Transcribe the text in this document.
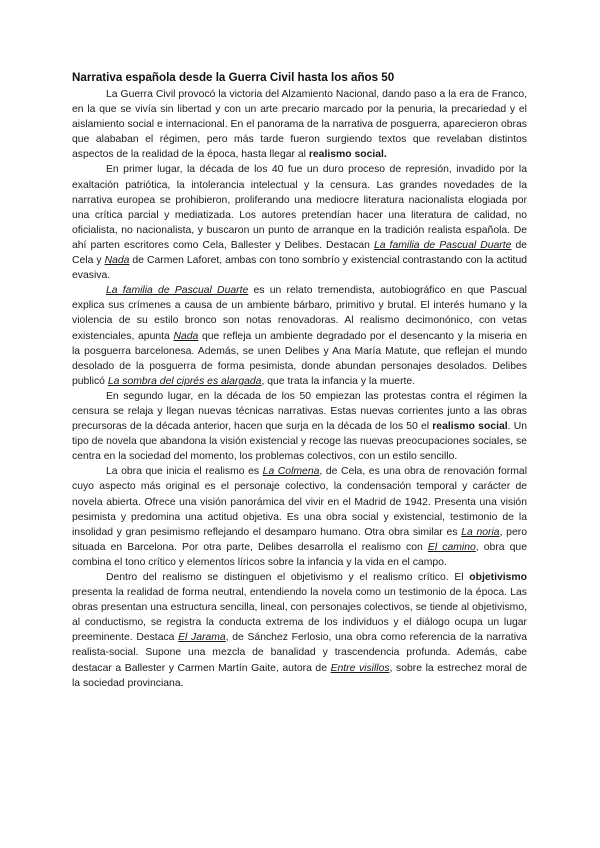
Narrativa española desde la Guerra Civil hasta los años 50

La Guerra Civil provocó la victoria del Alzamiento Nacional, dando paso a la era de Franco, en la que se vivía sin libertad y con un arte precario marcado por la penuria, la precariedad y el aislamiento social e internacional. En el panorama de la narrativa de posguerra, aparecieron obras que alababan el régimen, pero más tarde fueron surgiendo textos que revelaban distintos aspectos de la realidad de la época, hasta llegar al realismo social.

En primer lugar, la década de los 40 fue un duro proceso de represión, invadido por la exaltación patriótica, la intolerancia intelectual y la censura. Las grandes novedades de la narrativa europea se prohibieron, proliferando una mediocre literatura nacionalista elogiada por una crítica parcial y mediatizada. Los autores pretendían hacer una literatura de calidad, no oficialista, no nacionalista, y buscaron un punto de arranque en la tradición realista española. De ahí parten escritores como Cela, Ballester y Delibes. Destacan La familia de Pascual Duarte de Cela y Nada de Carmen Laforet, ambas con tono sombrío y existencial contrastando con la actitud evasiva.

La familia de Pascual Duarte es un relato tremendista, autobiográfico en que Pascual explica sus crímenes a causa de un ambiente bárbaro, primitivo y brutal. El interés humano y la violencia de su estilo bronco son notas renovadoras. Al realismo decimonónico, con vetas existenciales, apunta Nada que refleja un ambiente degradado por el desencanto y la miseria en la posguerra barcelonesa. Además, se unen Delibes y Ana María Matute, que reflejan el mundo desolado de la posguerra de forma pesimista, donde abundan personajes desolados. Delibes publicó La sombra del ciprés es alargada, que trata la infancia y la muerte.

En segundo lugar, en la década de los 50 empiezan las protestas contra el régimen la censura se relaja y llegan nuevas técnicas narrativas. Estas nuevas corrientes junto a las obras precursoras de la década anterior, hacen que surja en la década de los 50 el realismo social. Un tipo de novela que abandona la visión existencial y recoge las nuevas preocupaciones sociales, se centra en la sociedad del momento, los problemas colectivos, con un estilo sencillo.

La obra que inicia el realismo es La Colmena, de Cela, es una obra de renovación formal cuyo aspecto más original es el personaje colectivo, la condensación temporal y carácter de novela abierta. Ofrece una visión panorámica del vivir en el Madrid de 1942. Presenta una visión pesimista y predomina una actitud objetiva. Es una obra social y existencial, testimonio de la insolidad y gran pesimismo reflejando el desamparo humano. Otra obra similar es La noria, pero situada en Barcelona. Por otra parte, Delibes desarrolla el realismo con El camino, obra que combina el tono crítico y elementos líricos sobre la infancia y la vida en el campo.

Dentro del realismo se distinguen el objetivismo y el realismo crítico. El objetivismo presenta la realidad de forma neutral, entendiendo la novela como un testimonio de la época. Las obras presentan una estructura sencilla, lineal, con personajes colectivos, se tiende al objetivismo, al conductismo, se registra la conducta extrema de los individuos y el diálogo ocupa un lugar preeminente. Destaca El Jarama, de Sánchez Ferlosio, una obra como referencia de la narrativa realista-social. Supone una mezcla de banalidad y trascendencia profunda. Además, cabe destacar a Ballester y Carmen Martín Gaite, autora de Entre visillos, sobre la estrechez moral de la sociedad provinciana.
